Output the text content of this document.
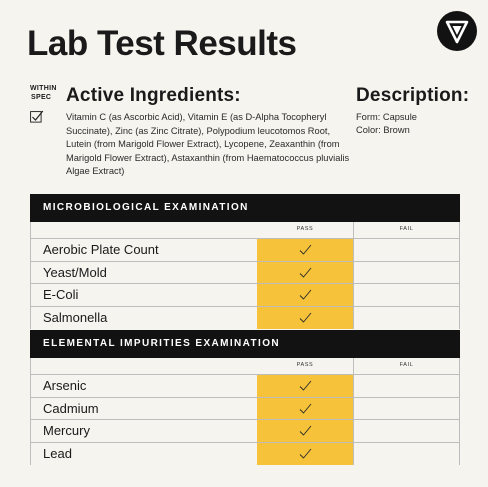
Lab Test Results
WITHIN
SPEC Active Ingredients:
Vitamin C (as Ascorbic Acid), Vitamin E (as D-Alpha Tocopheryl Succinate), Zinc (as Zinc Citrate), Polypodium leucotomos Root, Lutein (from Marigold Flower Extract), Lycopene, Zeaxanthin (from Marigold Flower Extract), Astaxanthin (from Haematococcus pluvialis Algae Extract)
Description:
Form: Capsule
Color: Brown
MICROBIOLOGICAL EXAMINATION
PASS	FAIL
Aerobic Plate Count
Yeast/Mold
E-Coli
Salmonella
ELEMENTAL IMPURITIES EXAMINATION
PASS	FAIL
Arsenic
Cadmium
Mercury
Lead
